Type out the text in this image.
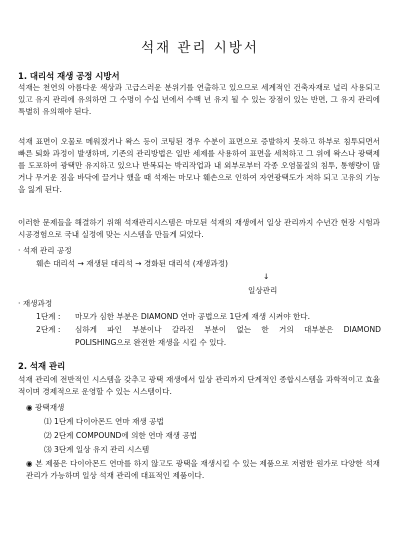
석재 관리 시방서
1. 대리석 재생 공정 시방서

석재는 천연의 아름다운 색상과 고급스러운 분위기를 연출하고 있으므로 세계적인 건축자재로 널리 사용되고 있고 유지 관리에 유의하면 그 수명이 수십 년에서 수백 년 유지 될 수 있는 장점이 있는 반면, 그 유지 관리에 특별히 유의해야 된다.

석재 표면이 오물로 메워졌거나 왁스 등이 코팅된 경우 수분이 표면으로 증발하지 못하고 하부로 침투되면서 빠른 퇴화 과정이 발생하며, 기존의 관리방법은 일반 세제를 사용하여 표면을 세척하고 그 위에 왁스나 광택제를 도포하여 광택만 유지하고 있으나 반복되는 박리작업과 내 외부로부터 각종 오염물질의 침투, 통행량이 많거나 무거운 짐을 바닥에 끌거나 했을 때 석재는 마모나 훼손으로 인하여 자연광택도가 저하 되고 고유의 기능을 잃게 된다.

이러한 문제들을 해결하기 위해 석재관리시스템은 마모된 석재의 재생에서 일상 관리까지 수년간 현장 시험과 시공경험으로 국내 실정에 맞는 시스템을 만들게 되었다.

· 석재 관리 공정
훼손 대리석 → 재생된 대리석 → 경화된 대리석 (재생과정)
↓
일상관리
· 재생과정
1단계 : 마모가 심한 부분은 DIAMOND 연마 공법으로 1단계 재생 시켜야 한다.
2단계 : 심하게 파인 부분이나 갈라진 부분이 없는 한 거의 대부분은 DIAMOND
POLISHING으로 완전한 재생을 시킬 수 있다.
2. 석재 관리

석재 관리에 전반적인 시스템을 갖추고 광택 재생에서 일상 관리까지 단계적인 종합시스템을 과학적이고 효율적이며 경제적으로 운영할 수 있는 시스템이다.

◉ 광택재생
⑴ 1단계 다이아몬드 연마 재생 공법
⑵ 2단계 COMPOUND에 의한 연마 재생 공법
⑶ 3단계 일상 유지 관리 시스템

◉ 본 제품은 다이아몬드 연마를 하지 않고도 광택을 재생시킬 수 있는 제품으로 저렴한 원가로 다양한 석재 관리가 가능하며 일상 석재 관리에 대표적인 제품이다.
